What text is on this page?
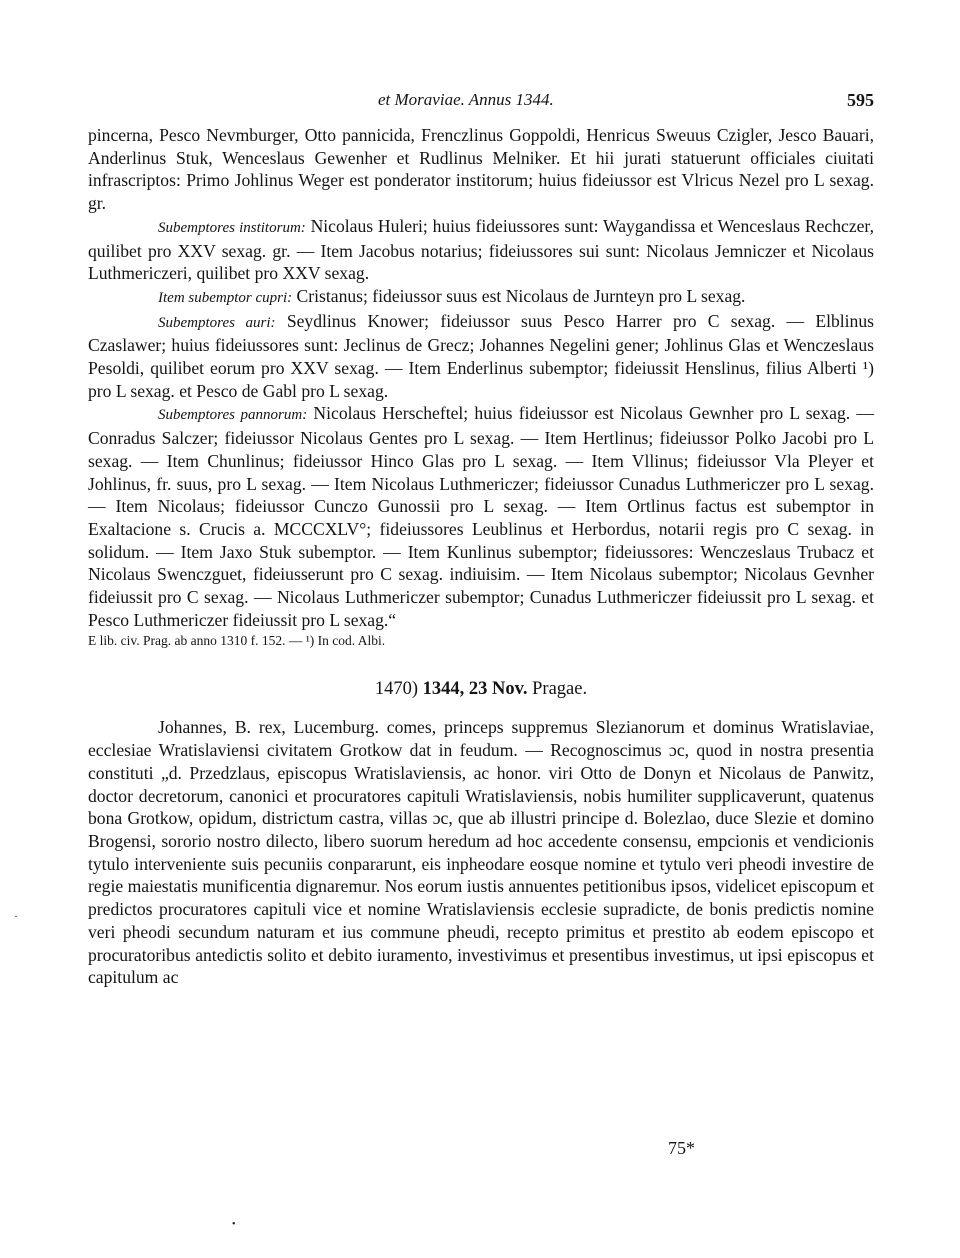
et Moraviae. Annus 1344.	595

pincerna, Pesco Nevmburger, Otto pannicida, Frenczlinus Goppoldi, Henricus Sweuus Czigler, Jesco Bauari, Anderlinus Stuk, Wenceslaus Gewenher et Rudlinus Melniker. Et hii jurati statuerunt officiales ciuitati infrascriptos: Primo Johlinus Weger est ponderator institorum; huius fideiussor est Vlricus Nezel pro L sexag. gr.

Subemptores institorum: Nicolaus Huleri; huius fideiussores sunt: Waygandissa et Wenceslaus Rechczer, quilibet pro XXV sexag. gr. — Item Jacobus notarius; fideiussores sui sunt: Nicolaus Jemniczer et Nicolaus Luthmericzeri, quilibet pro XXV sexag.

Item subemptor cupri: Cristanus; fideiussor suus est Nicolaus de Jurnteyn pro L sexag.

Subemptores auri: Seydlinus Knower; fideiussor suus Pesco Harrer pro C sexag. — Elblinus Czaslawer; huius fideiussores sunt: Jeclinus de Grecz; Johannes Negelini gener; Johlinus Glas et Wenczeslaus Pesoldi, quilibet eorum pro XXV sexag. — Item Enderlinus subemptor; fideiussit Henslinus, filius Alberti ¹) pro L sexag. et Pesco de Gabl pro L sexag.

Subemptores pannorum: Nicolaus Herscheftel; huius fideiussor est Nicolaus Gewnher pro L sexag. — Conradus Salczer; fideiussor Nicolaus Gentes pro L sexag. — Item Hertlinus; fideiussor Polko Jacobi pro L sexag. — Item Chunlinus; fideiussor Hinco Glas pro L sexag. — Item Vllinus; fideiussor Vla Pleyer et Johlinus, fr. suus, pro L sexag. — Item Nicolaus Luthmericzer; fideiussor Cunadus Luthmericzer pro L sexag. — Item Nicolaus; fideiussor Cunczo Gunossii pro L sexag. — Item Ortlinus factus est subemptor in Exaltacione s. Crucis a. MCCCXLV°; fideiussores Leublinus et Herbordus, notarii regis pro C sexag. in solidum. — Item Jaxo Stuk subemptor. — Item Kunlinus subemptor; fideiussores: Wenczeslaus Trubacz et Nicolaus Swenczguet, fideiusserunt pro C sexag. indiuisim. — Item Nicolaus subemptor; Nicolaus Gevnher fideiussit pro C sexag. — Nicolaus Luthmericzer subemptor; Cunadus Luthmericzer fideiussit pro L sexag. et Pesco Luthmericzer fideiussit pro L sexag.“

E lib. civ. Prag. ab anno 1310 f. 152. — ¹) In cod. Albi.

1470) 1344, 23 Nov. Pragae.

Johannes, B. rex, Lucemburg. comes, princeps suppremus Slezianorum et dominus Wratislaviae, ecclesiae Wratislaviensi civitatem Grotkow dat in feudum. — Recognoscimus ɔc, quod in nostra presentia constituti „d. Przedzlaus, episcopus Wratislaviensis, ac honor. viri Otto de Donyn et Nicolaus de Panwitz, doctor decretorum, canonici et procuratores capituli Wratislaviensis, nobis humiliter supplicaverunt, quatenus bona Grotkow, opidum, districtum castra, villas ɔc, que ab illustri principe d. Bolezlao, duce Slezie et domino Brogensi, sororio nostro dilecto, libero suorum heredum ad hoc accedente consensu, empcionis et vendicionis tytulo interveniente suis pecuniis conpararunt, eis inpheodare eosque nomine et tytulo veri pheodi investire de regie maiestatis munificentia dignaremur. Nos eorum iustis annuentes petitionibus ipsos, videlicet episcopum et predictos procuratores capituli vice et nomine Wratislaviensis ecclesie supradicte, de bonis predictis nomine veri pheodi secundum naturam et ius commune pheudi, recepto primitus et prestito ab eodem episcopo et procuratoribus antedictis solito et debito iuramento, investivimus et presentibus investimus, ut ipsi episcopus et capitulum ac

75*
·
•
